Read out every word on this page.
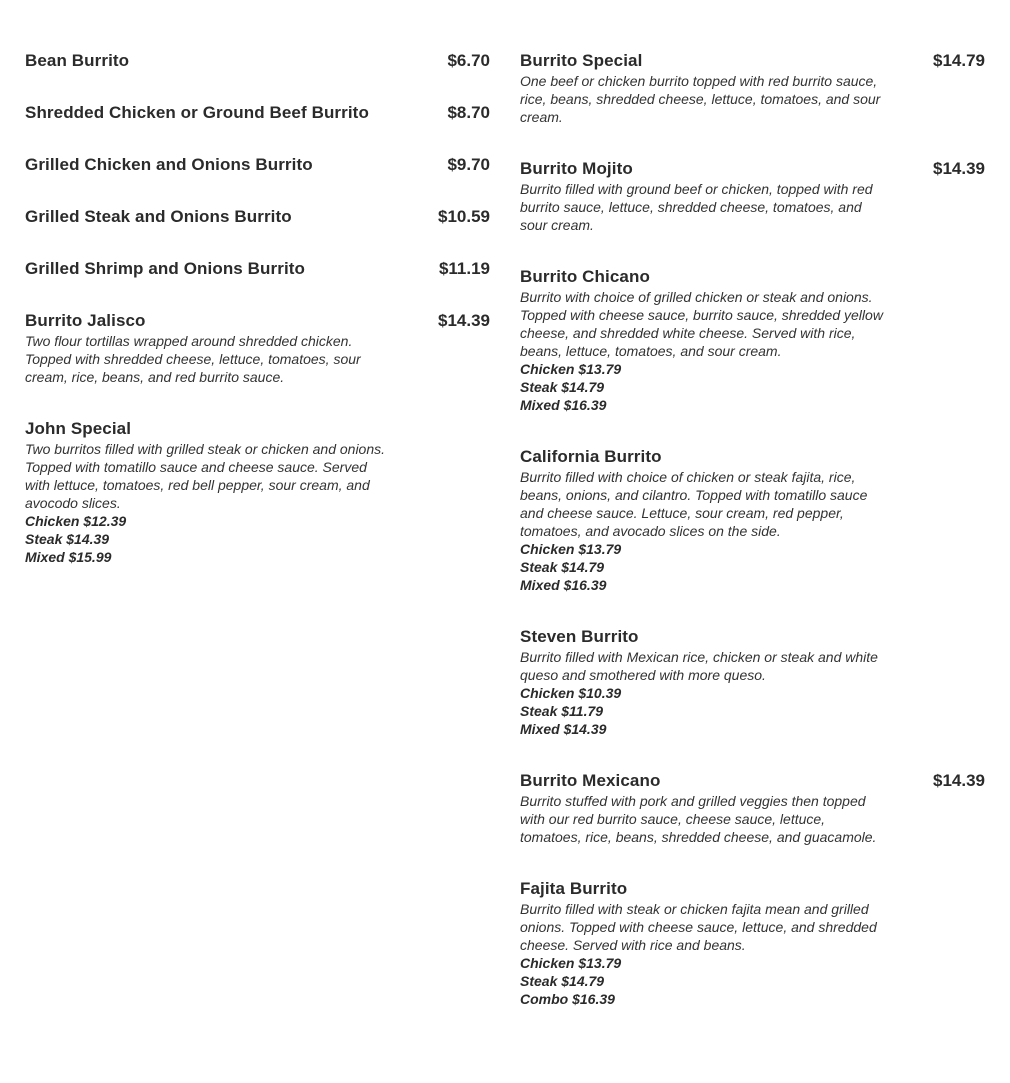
Bean Burrito	$6.70
Shredded Chicken or Ground Beef Burrito	$8.70
Grilled Chicken and Onions Burrito	$9.70
Grilled Steak and Onions Burrito	$10.59
Grilled Shrimp and Onions Burrito	$11.19
Burrito Jalisco	$14.39
Two flour tortillas wrapped around shredded chicken. Topped with shredded cheese, lettuce, tomatoes, sour cream, rice, beans, and red burrito sauce.
John Special
Two burritos filled with grilled steak or chicken and onions. Topped with tomatillo sauce and cheese sauce. Served with lettuce, tomatoes, red bell pepper, sour cream, and avocodo slices.
Chicken $12.39
Steak $14.39
Mixed $15.99
Burrito Special	$14.79
One beef or chicken burrito topped with red burrito sauce, rice, beans, shredded cheese, lettuce, tomatoes, and sour cream.
Burrito Mojito	$14.39
Burrito filled with ground beef or chicken, topped with red burrito sauce, lettuce, shredded cheese, tomatoes, and sour cream.
Burrito Chicano
Burrito with choice of grilled chicken or steak and onions. Topped with cheese sauce, burrito sauce, shredded yellow cheese, and shredded white cheese. Served with rice, beans, lettuce, tomatoes, and sour cream.
Chicken $13.79
Steak $14.79
Mixed $16.39
California Burrito
Burrito filled with choice of chicken or steak fajita, rice, beans, onions, and cilantro. Topped with tomatillo sauce and cheese sauce. Lettuce, sour cream, red pepper, tomatoes, and avocado slices on the side.
Chicken $13.79
Steak $14.79
Mixed $16.39
Steven Burrito
Burrito filled with Mexican rice, chicken or steak and white queso and smothered with more queso.
Chicken $10.39
Steak $11.79
Mixed $14.39
Burrito Mexicano	$14.39
Burrito stuffed with pork and grilled veggies then topped with our red burrito sauce, cheese sauce, lettuce, tomatoes, rice, beans, shredded cheese, and guacamole.
Fajita Burrito
Burrito filled with steak or chicken fajita mean and grilled onions. Topped with cheese sauce, lettuce, and shredded cheese. Served with rice and beans.
Chicken $13.79
Steak $14.79
Combo $16.39
